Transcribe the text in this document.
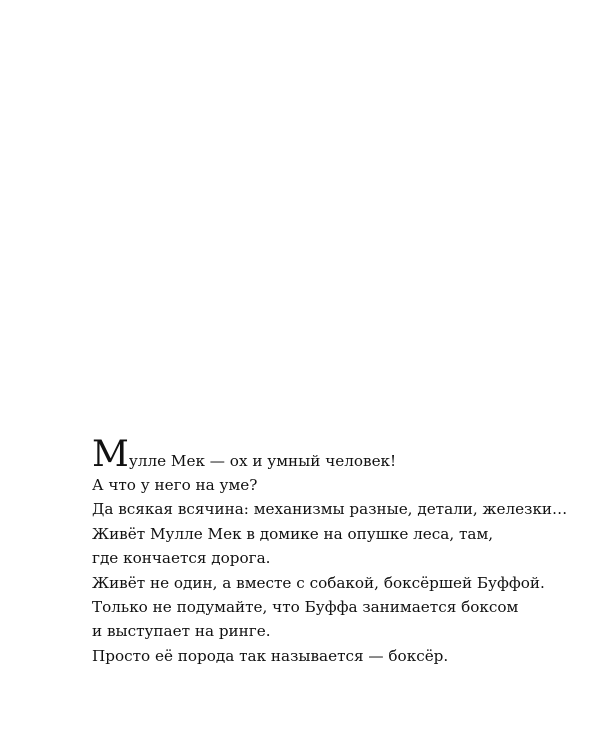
Мулле Мек — ох и умный человек!
А что у него на уме?
Да всякая всячина: механизмы разные, детали, железки…
Живёт Мулле Мек в домике на опушке леса, там,
где кончается дорога.
Живёт не один, а вместе с собакой, боксёршей Буффой.
Только не подумайте, что Буффа занимается боксом
и выступает на ринге.
Просто её порода так называется — боксёр.
